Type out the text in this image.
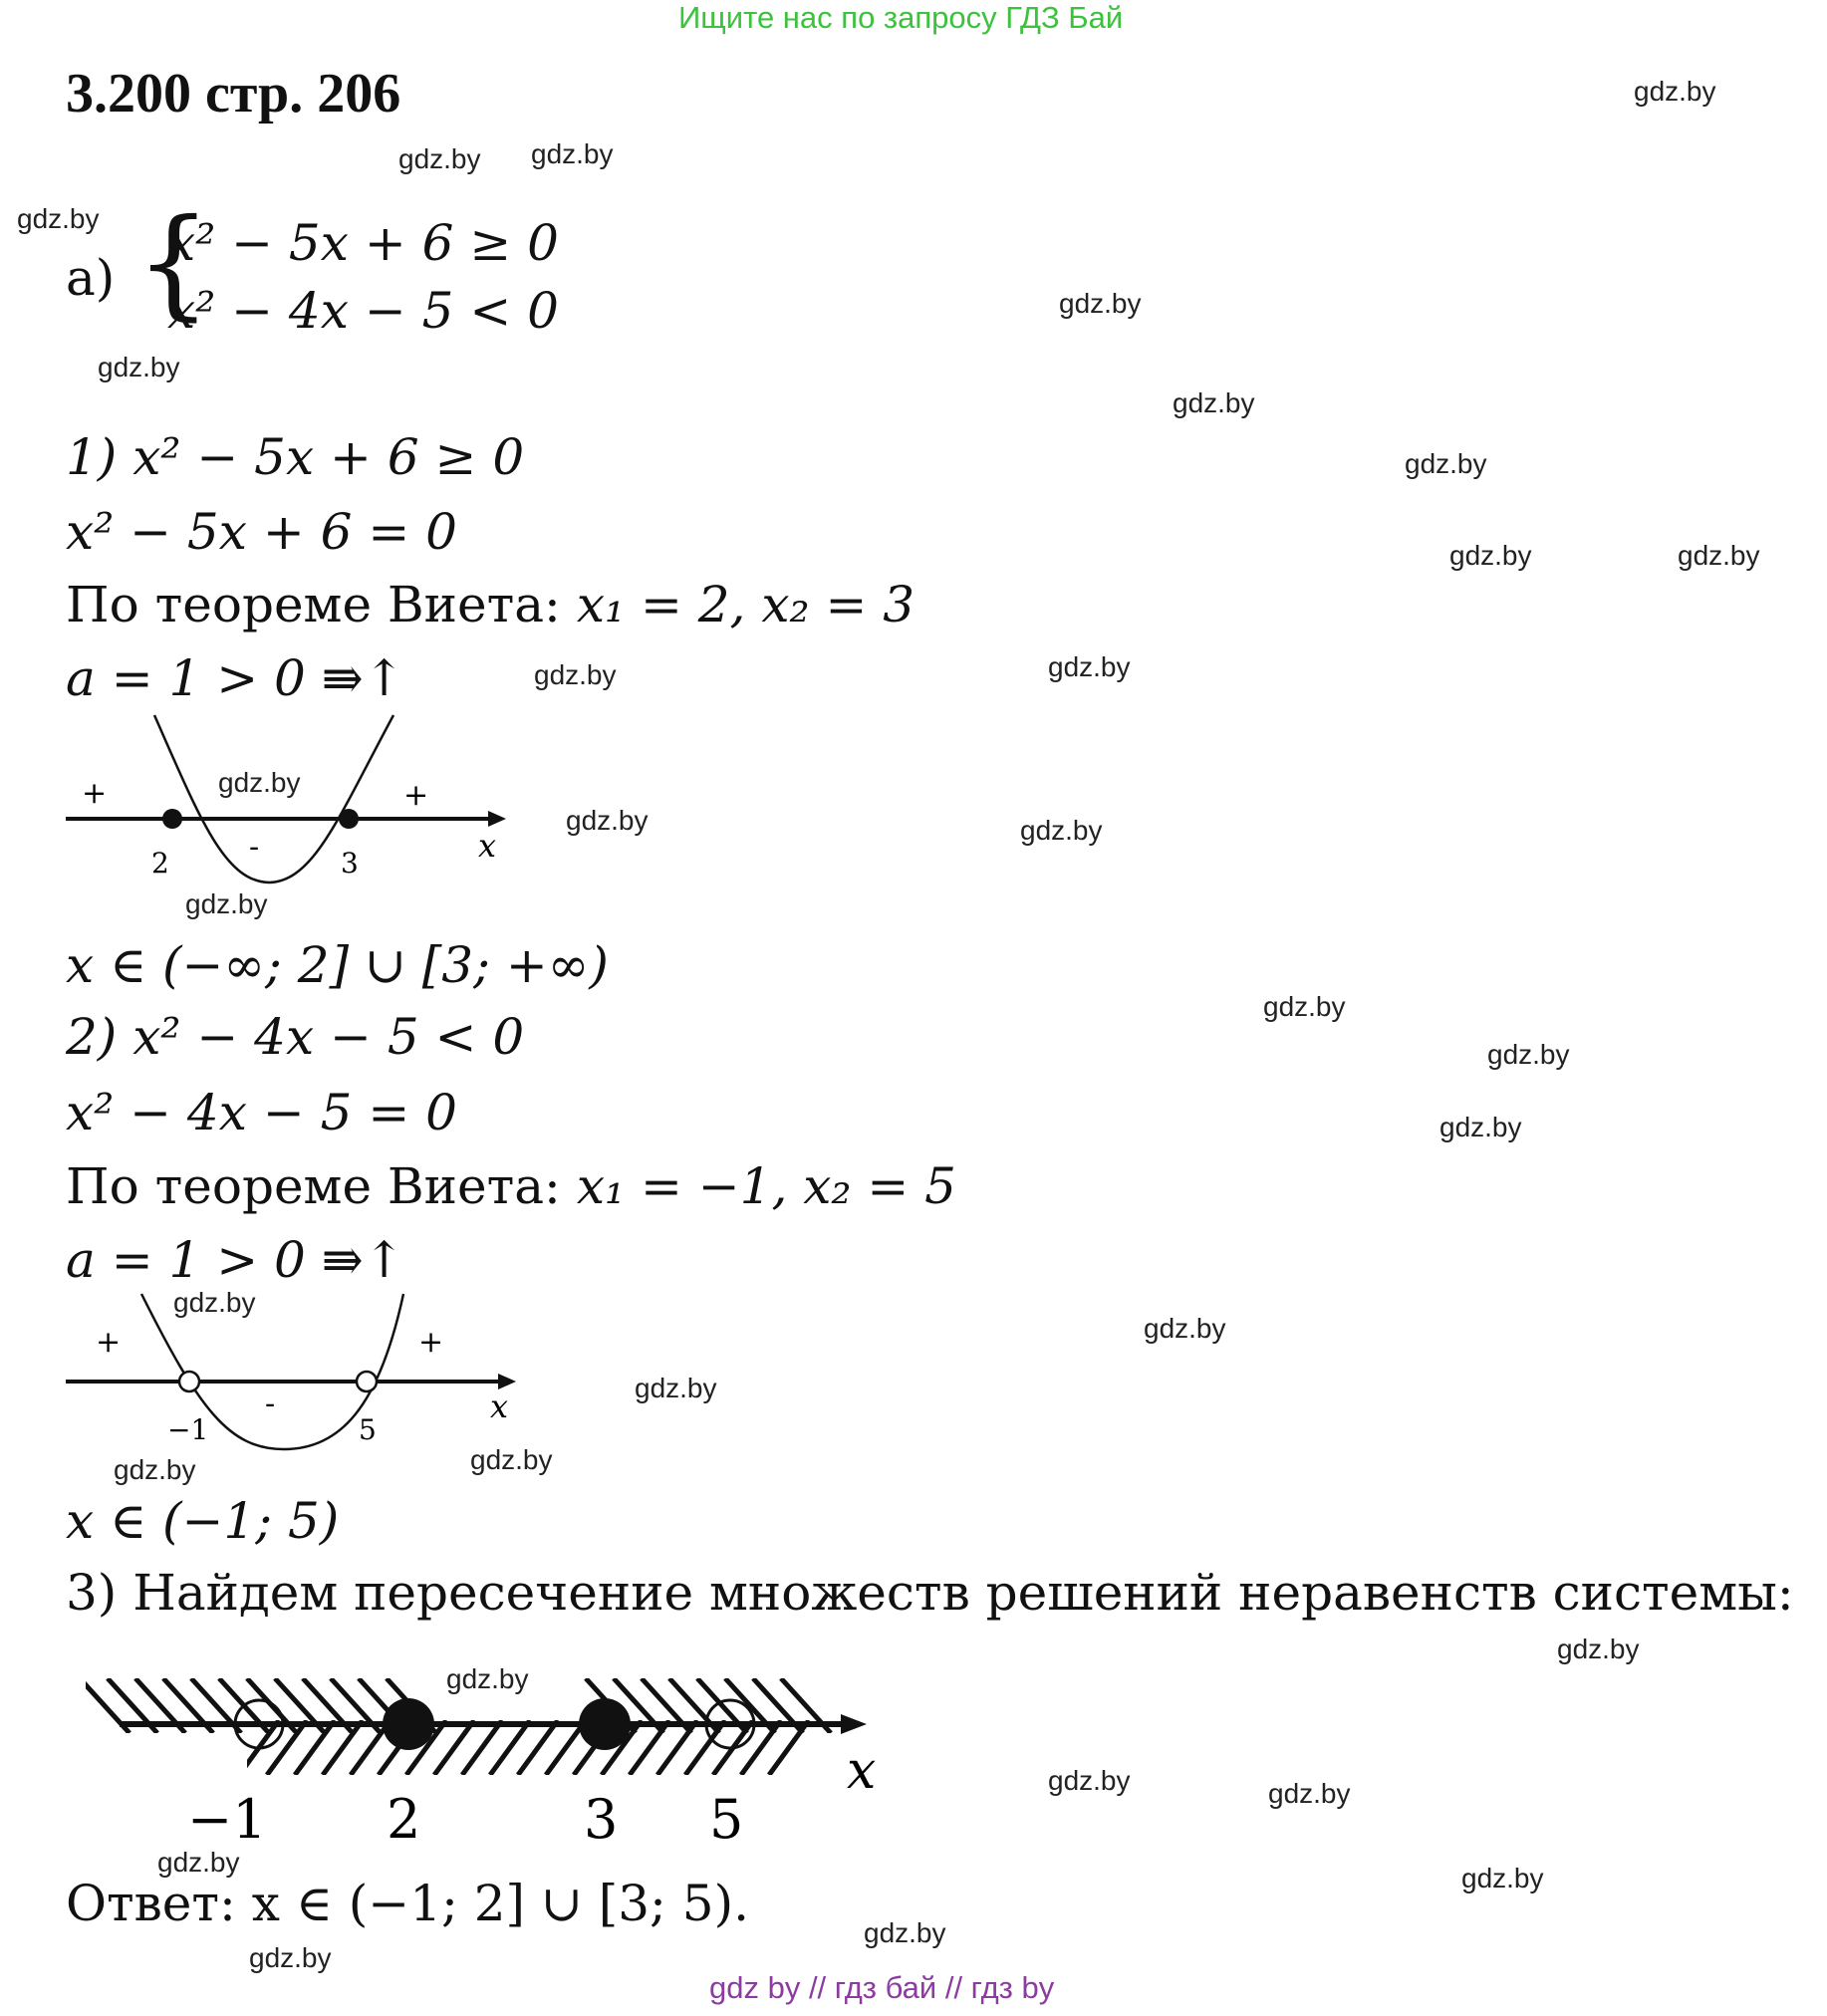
Ищите нас по запросу ГДЗ Бай
3.200 стр. 206
а) {
x² − 5x + 6 ≥ 0
x² − 4x − 5 < 0
1) x² − 5x + 6 ≥ 0
x² − 5x + 6 = 0
По теореме Виета: x₁ = 2, x₂ = 3
a = 1 > 0 ⇛↑
+
-
+
2	3	x
x ∈ (−∞; 2] ∪ [3; +∞)
2) x² − 4x − 5 < 0
x² − 4x − 5 = 0
По теореме Виета: x₁ = −1, x₂ = 5
a = 1 > 0 ⇛↑
+
-
+
−1	5
x
x ∈ (−1; 5)
3) Найдем пересечение множеств решений неравенств системы:
−1 2	3 5
x
Ответ: x ∈ (−1; 2] ∪ [3; 5).
gdz by // гдз бай // гдз by
gdz.by
gdz.by gdz.by
gdz.by
gdz.by
gdz.by
gdz.by
gdz.by
gdz.by	gdz.by
gdz.by	gdz.by
gdz.by
gdz.by	gdz.by
gdz.by
gdz.by
gdz.by
gdz.by
gdz.by
gdz.by
gdz.by
gdz.by	gdz.by
gdz.by
gdz.by
gdz.by	gdz.by
gdz.by
gdz.by
gdz.by
gdz.by
